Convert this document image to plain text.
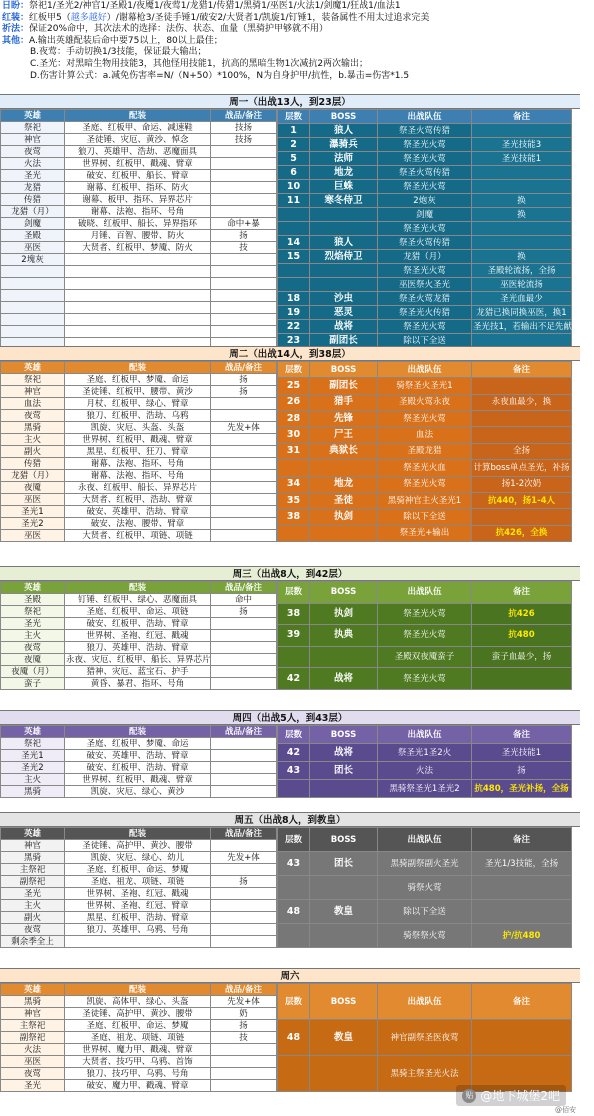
日盼：祭祀1/圣光2/神官1/圣殿1/夜魇1/夜莺1/龙猎1/传猎1/黑骑1/巫医1/火法1/剑魔1/狂战1/血法1
红装：红板甲5（越多越好）/谢幕枪3/圣徒手锤1/破安2/大贤者1/凯旋1/钉锤1，装备属性不用太过追求完美
祈法：保证20%命中，其次法术的选择：法伤、状态、血量（黑骑护甲够就不用）
其他：A.输出英雄配装后命中要75以上，80以上最佳；
B.夜莺：手动切换1/3技能，保证最大输出；
C.圣光：对黑暗生物用技能3，其他怪用技能1，抗高的黑暗生物1次减抗2两次输出；
D.伤害计算公式：a.减免伤害率=N/（N+50）*100%，N为自身护甲/抗性，b.暴击=伤害*1.5
周一（出战13人，到23层）
英雄	配装	战品/备注
祭祀	圣庭、红板甲、命运、减速鞋	技扬
神官	圣徒锤、灾厄、黄沙、悼念	技扬
夜莺	狼刀、英雄甲、浩劫、恶魔面具	
火法	世界树、红板甲、戳魂、臂章	
圣光	破安、红板甲、船长、臂章	
龙猎	谢幕、红板甲、指环、防火	
传猎	谢幕、板甲、指环、异界芯片	
龙猎（月）	谢幕、法袍、指环、号角	
剑魔	破晓、红板甲、船长、异界指环	命中+暴
圣殿	月锤、百智、腰带、防火	扬
巫医	大贤者、红板甲、梦魇、防火	技
2塊灰		

层数	BOSS	出战队伍	备注
1	狼人	祭圣火莺传猎	
2	瀑骑兵	祭圣光火莺	圣光技能3
5	法师	祭圣光火莺	圣光技能1
6	地龙	祭圣火莺传猎	
10	巨蛛	祭圣光火莺	
11	寒冬侍卫	2炮灰	换
		剑魔	换
		祭圣光火莺	
14	狼人	祭圣火莺传猎	
15	烈焰侍卫	龙猎（月）	换
		祭圣光火莺	圣殿轮流扬，全扬
		巫医祭火圣光	巫医轮流扬
18	沙虫	祭圣火莺龙猎	圣光血最少
19	恶灵	祭圣光火传猎	龙猎已换同换巫医，换1
22	战将	祭圣光火莺	圣光技1，若输出不足先献祭1人
23	副团长	除以下全送	

周二（出战14人，到38层）
英雄	配装	战品/备注
祭祀	圣庭、红板甲、梦魇、命运	扬
神官	圣徒锤、红板甲、腰带、黄沙	扬
血法	月杖、红板甲、绿心、臂章	
夜莺	狼刀、红板甲、浩劫、乌鸦	
黑骑	凯旋、灾厄、头盔、头盔	先发+体
主火	世界树、红板甲、戳魂、臂章	
副火	黑星、红板甲、狂刀、臂章	
传猎	谢幕、法袍、指环、号角	
龙猎（月）	谢幕、法袍、指环、号角	
夜魇	永夜、红板甲、船长、异界芯片	
巫医	大贤者、红板甲、浩劫、臂章	
圣光1	破安、英雄甲、浩劫、臂章	
圣光2	破安、法袍、腰带、臂章	
巫医	大贤者、红板甲、项链、项链	
层数	BOSS	出战队伍	备注
25	副团长	骑祭圣火圣光1	
26	猎手	圣殿火莺永夜	永夜血最少，换
28	先锋	祭圣光火莺	
30	尸王	血法	
31	典狱长	圣殿龙猎	全扬
		祭圣光火血	计算boss单点圣光，补扬
34	地龙	祭圣光火莺	扬1-2次奶
35	圣徒	黑骑神官主火圣光1	抗440，扬1-4人
38	执剑	除以下全送	
		祭圣光+输出	抗426，全换
周三（出战8人，到42层）
英雄	配装	战品/备注
圣殿	钉锤、红板甲、绿心、恶魔面具	命中
祭祀	圣庭、红板甲、命运、项链	扬
圣光	破安、红板甲、浩劫、臂章	
主火	世界树、圣袍、红冠、戳魂	
夜莺	狼刀、英雄甲、浩劫、臂章	
夜魇	永夜、灾厄、红板甲、船长、异界芯片	
夜魇（月）	猎神、灾厄、蓝宝石、护手	
蛮子	黄昏、暴君、指环、号角	
层数	BOSS	出战队伍	备注
38	执剑	祭圣光火莺	抗426
39	执典	祭圣光火莺	抗480
		圣殿双夜魇蛮子	蛮子血最少，扬
42	战将	祭圣光火莺	
周四（出战5人，到43层）
英雄	配装	战品/备注
祭祀	圣庭、红板甲、梦魇、命运	
圣光1	破安、英雄甲、浩劫、臂章	
圣光2	破安、红板甲、浩劫、臂章	
主火	世界树、红板甲、戳魂、臂章	
黑骑	凯旋、灾厄、绿心、黄沙	
层数	BOSS	出战队伍	备注
42	战将	祭圣光1圣2火	圣光技能1
43	团长	火法	扬
		黑骑祭圣光1圣光2	抗480，圣光补扬，全扬
周五（出战8人，到教皇）
英雄	配装	战品/备注
神官	圣徒锤、高护甲、黄沙、腰带	
黑骑	凯旋、灾厄、绿心、幼儿	先发+体
主祭祀	圣庭、红板甲、命运、梦魇	
副祭祀	圣庭、祖龙、项链、项链	扬
圣光	世界树、圣袍、红冠、戳魂	
主火	世界树、圣袍、红冠、臂章	
副火	黑星、红板甲、浩劫、臂章	
夜莺	狼刀、英雄甲、乌鸦、号角	
剩余季全上		
层数	BOSS	出战队伍	备注
43	团长	黑骑副祭副火圣光	圣光1/3技能，全扬
		骑祭火莺	
48	教皇	除以下全送	
		骑祭祭火莺	护/抗480
周六
英雄	配装	战品/备注
黑骑	凯旋、高体甲、绿心、头盔	先发+体
神官	圣徒锤、高护甲、黄沙、腰带	奶
主祭祀	圣庭、红板甲、命运、梦魇	扬
副祭祀	圣庭、祖龙、项链、项链	技
火法	世界树、魔力甲、戳魂、臂章	
巫医	大贤者、技巧甲、乌鸦、首饰	
夜莺	狼刀、技巧甲、乌鸦、号角	
圣光	破安、魔力甲、戳魂、臂章	
层数	BOSS	出战队伍	备注
48	教皇	神官副祭圣医夜莺	
		黑骑主祭圣光火法	
贴 @地下城堡2吧
@佰安
